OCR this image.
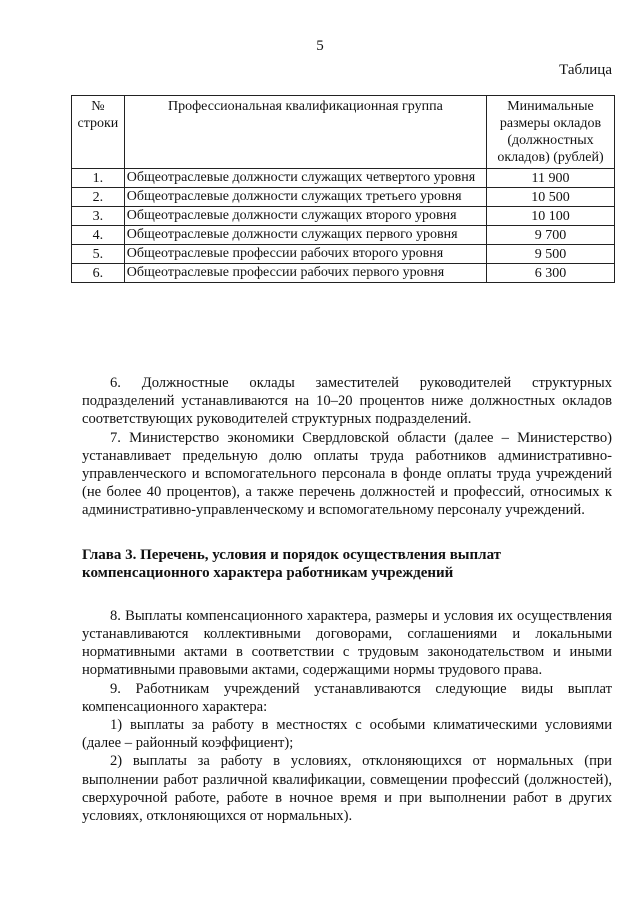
5
Таблица
№ строки	Профессиональная квалификационная группа	Минимальные размеры окладов (должностных окладов) (рублей)
1.	Общеотраслевые должности служащих четвертого уровня	11 900
2.	Общеотраслевые должности служащих третьего уровня	10 500
3.	Общеотраслевые должности служащих второго уровня	10 100
4.	Общеотраслевые должности служащих первого уровня	9 700
5.	Общеотраслевые профессии рабочих второго уровня	9 500
6.	Общеотраслевые профессии рабочих первого уровня	6 300

6. Должностные оклады заместителей руководителей структурных подразделений устанавливаются на 10–20 процентов ниже должностных окладов соответствующих руководителей структурных подразделений.

7. Министерство экономики Свердловской области (далее – Министерство) устанавливает предельную долю оплаты труда работников административно-управленческого и вспомогательного персонала в фонде оплаты труда учреждений (не более 40 процентов), а также перечень должностей и профессий, относимых к административно-управленческому и вспомогательному персоналу учреждений.

Глава 3. Перечень, условия и порядок осуществления выплат
компенсационного характера работникам учреждений

8. Выплаты компенсационного характера, размеры и условия их осуществления устанавливаются коллективными договорами, соглашениями и локальными нормативными актами в соответствии с трудовым законодательством и иными нормативными правовыми актами, содержащими нормы трудового права.

9. Работникам учреждений устанавливаются следующие виды выплат компенсационного характера:

1) выплаты за работу в местностях с особыми климатическими условиями (далее – районный коэффициент);

2) выплаты за работу в условиях, отклоняющихся от нормальных (при выполнении работ различной квалификации, совмещении профессий (должностей), сверхурочной работе, работе в ночное время и при выполнении работ в других условиях, отклоняющихся от нормальных).
